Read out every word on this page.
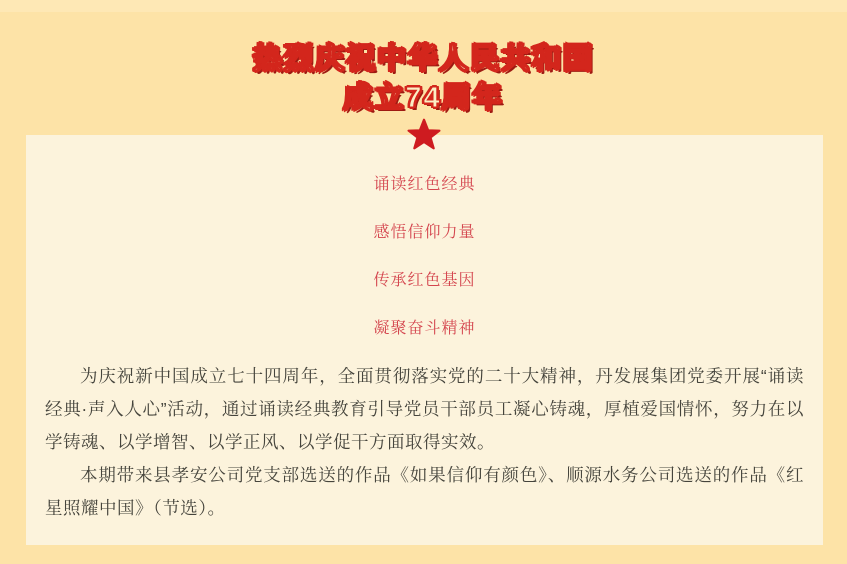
热烈庆祝中华人民共和国
成立74周年
诵读红色经典
感悟信仰力量
传承红色基因
凝聚奋斗精神

为庆祝新中国成立七十四周年，全面贯彻落实党的二十大精神，丹发展集团党委开展“诵读经典·声入人心”活动，通过诵读经典教育引导党员干部员工凝心铸魂，厚植爱国情怀，努力在以学铸魂、以学增智、以学正风、以学促干方面取得实效。

本期带来县孝安公司党支部选送的作品《如果信仰有颜色》、顺源水务公司选送的作品《红星照耀中国》（节选）。
